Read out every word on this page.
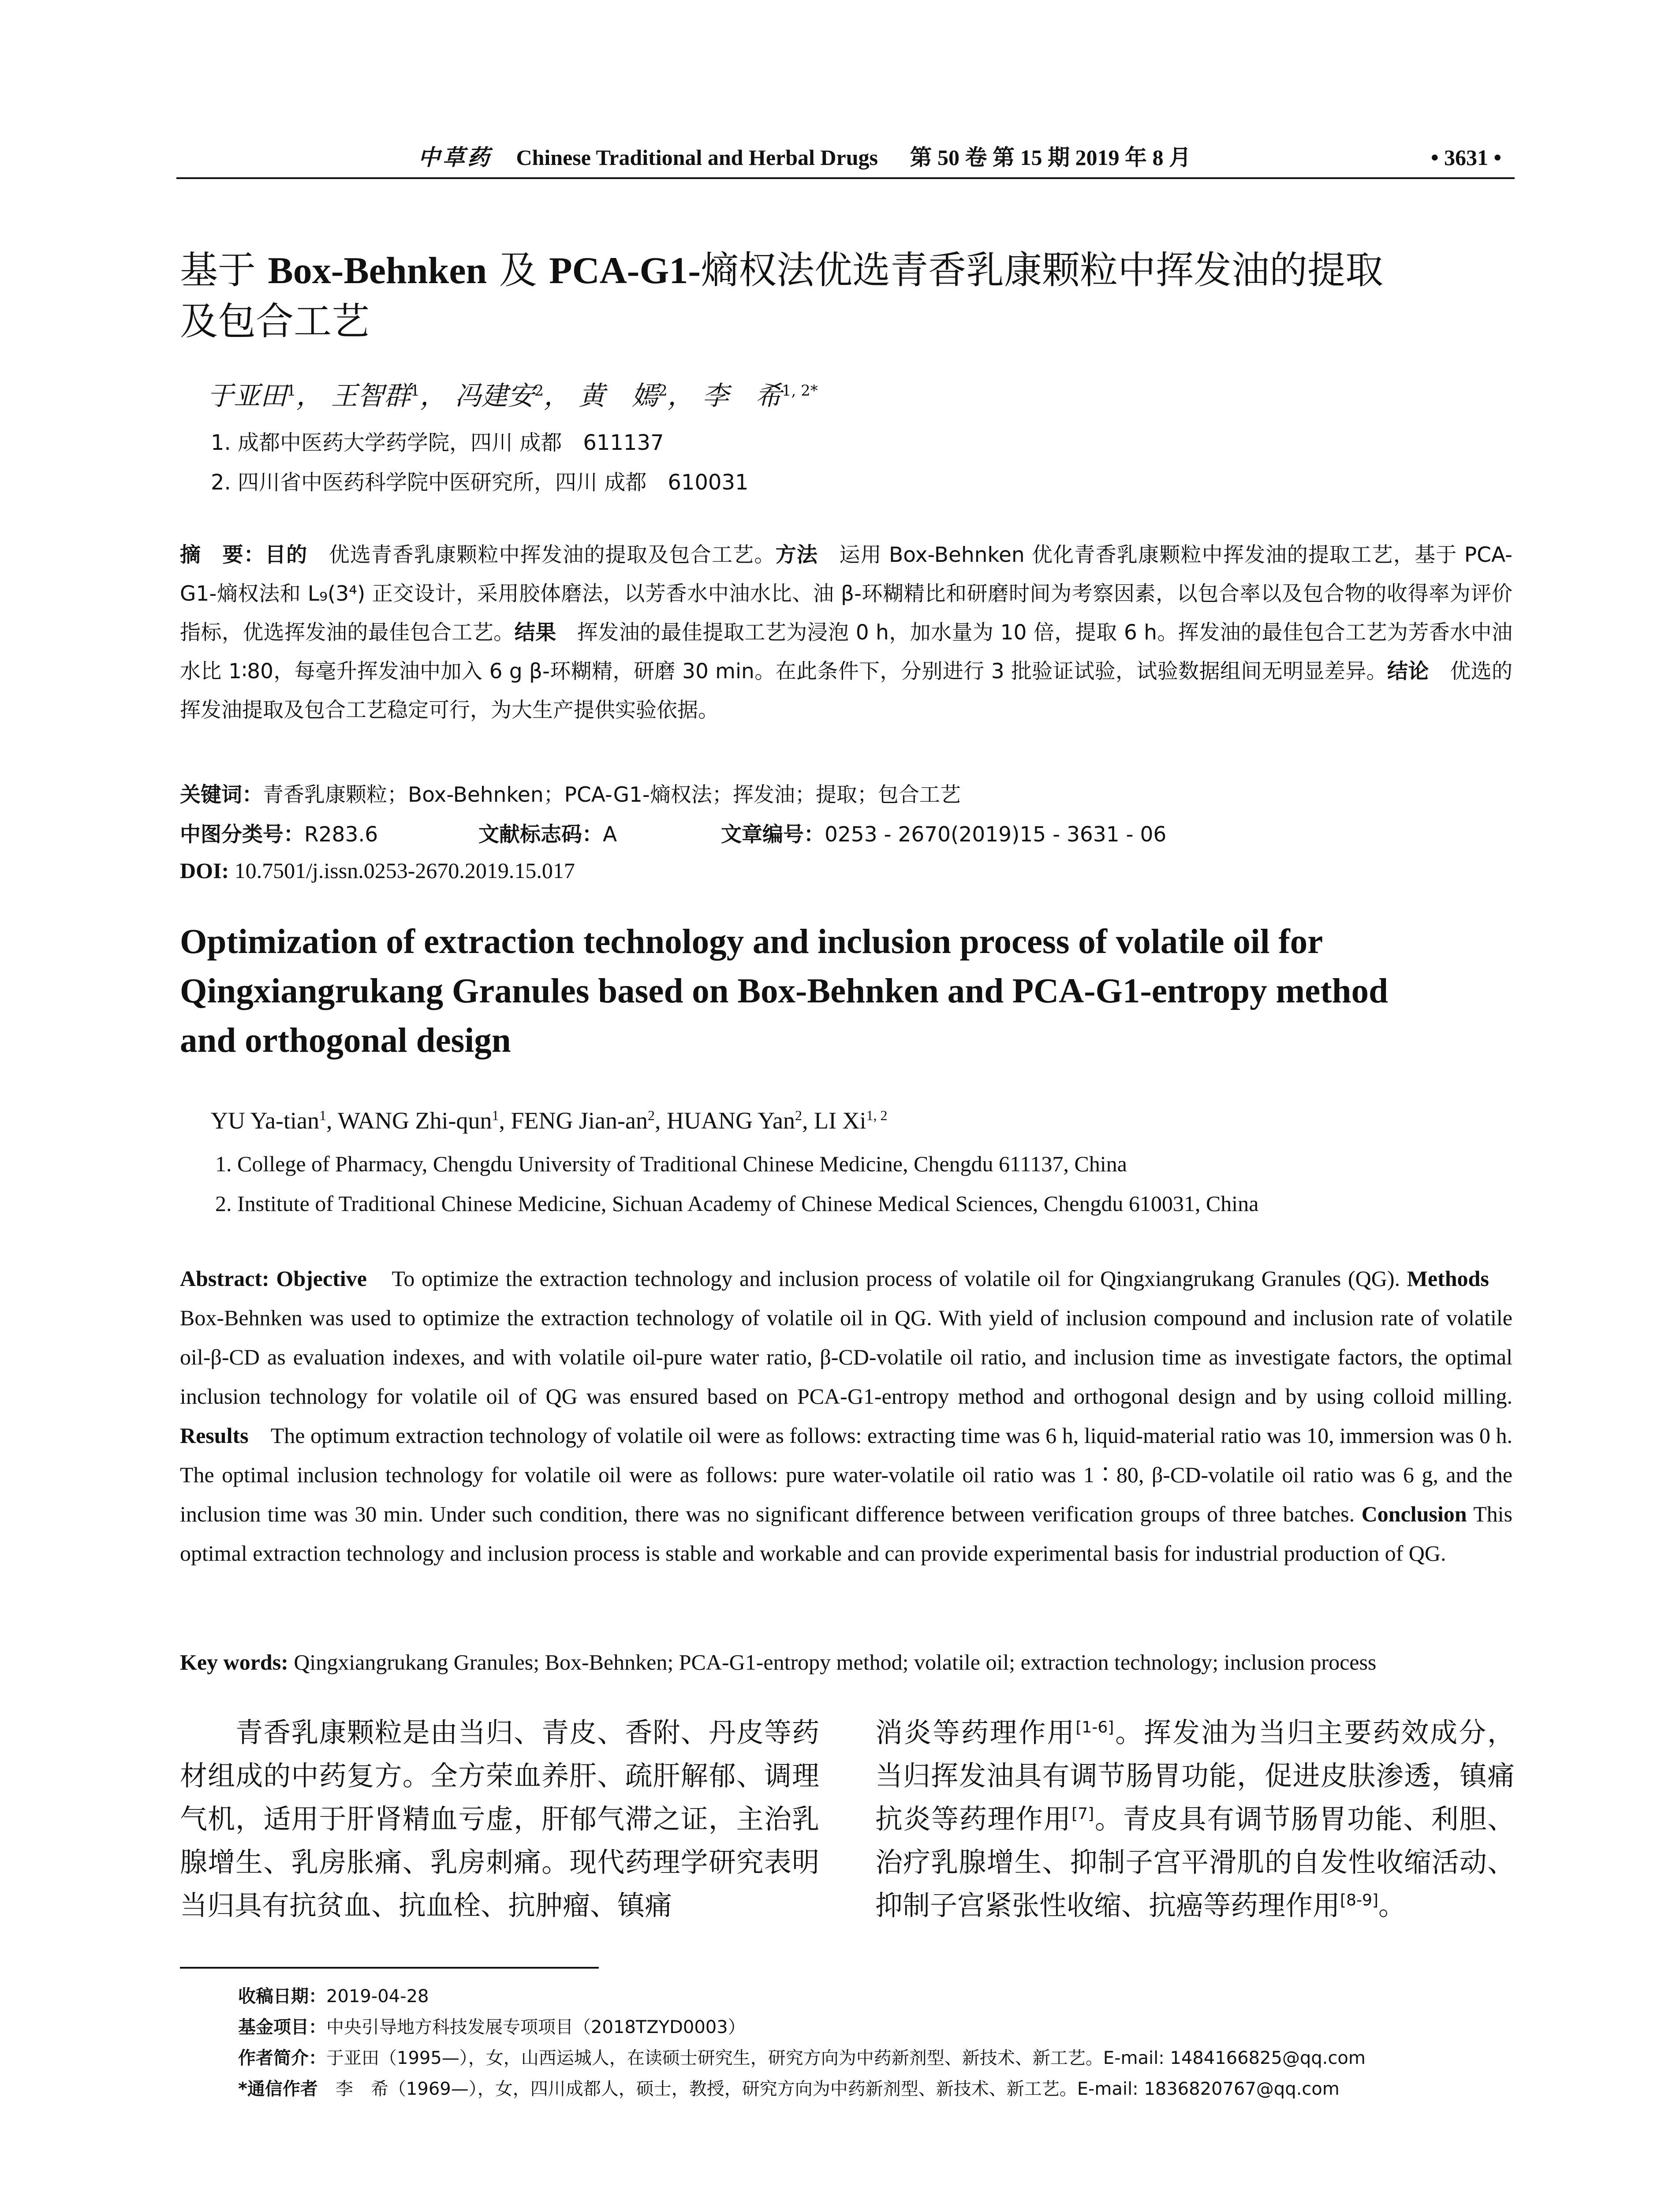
中草药 Chinese Traditional and Herbal Drugs 第 50 卷 第 15 期 2019 年 8 月	• 3631 •
基于 Box-Behnken 及 PCA-G1-熵权法优选青香乳康颗粒中挥发油的提取
及包合工艺
于亚田$^1$， 王智群$^1$， 冯建安$^2$， 黄　嫣$^2$， 李　希$^{1, 2*}$
1. 成都中医药大学药学院，四川 成都　611137
2. 四川省中医药科学院中医研究所，四川 成都　610031
摘　要：目的　优选青香乳康颗粒中挥发油的提取及包合工艺。方法　运用 Box-Behnken 优化青香乳康颗粒中挥发油的提取工艺，基于 PCA-G1-熵权法和 L₉(3⁴) 正交设计，采用胶体磨法，以芳香水中油水比、油 β-环糊精比和研磨时间为考察因素，以包合率以及包合物的收得率为评价指标，优选挥发油的最佳包合工艺。结果　挥发油的最佳提取工艺为浸泡 0 h，加水量为 10 倍，提取 6 h。挥发油的最佳包合工艺为芳香水中油水比 1∶80，每毫升挥发油中加入 6 g β-环糊精，研磨 30 min。在此条件下，分别进行 3 批验证试验，试验数据组间无明显差异。结论　优选的挥发油提取及包合工艺稳定可行，为大生产提供实验依据。
关键词：青香乳康颗粒；Box-Behnken；PCA-G1-熵权法；挥发油；提取；包合工艺
中图分类号：R283.6	文献标志码：A	文章编号：0253 - 2670(2019)15 - 3631 - 06
DOI: 10.7501/j.issn.0253-2670.2019.15.017
Optimization of extraction technology and inclusion process of volatile oil for
Qingxiangrukang Granules based on Box-Behnken and PCA-G1-entropy method
and orthogonal design
YU Ya-tian$^1$, WANG Zhi-qun$^1$, FENG Jian-$an^2$, HUANG Yan$^2$, LI Xi$^{1, 2}$
1. College of Pharmacy, Chengdu University of Traditional Chinese Medicine, Chengdu 611137, China
2. Institute of Traditional Chinese Medicine, Sichuan Academy of Chinese Medical Sciences, Chengdu 610031, China
Abstract: Objective　To optimize the extraction technology and inclusion process of volatile oil for Qingxiangrukang Granules (QG). Methods　Box-Behnken was used to optimize the extraction technology of volatile oil in QG. With yield of inclusion compound and inclusion rate of volatile oil-β-CD as evaluation indexes, and with volatile oil-pure water ratio, β-CD-volatile oil ratio, and inclusion time as investigate factors, the optimal inclusion technology for volatile oil of QG was ensured based on PCA-G1-entropy method and orthogonal design and by using colloid milling. Results　The optimum extraction technology of volatile oil were as follows: extracting time was 6 h, liquid-material ratio was 10, immersion was 0 h. The optimal inclusion technology for volatile oil were as follows: pure water-volatile oil ratio was 1∶80, β-CD-volatile oil ratio was 6 g, and the inclusion time was 30 min. Under such condition, there was no significant difference between verification groups of three batches. Conclusion This optimal extraction technology and inclusion process is stable and workable and can provide experimental basis for industrial production of QG.
Key words: Qingxiangrukang Granules; Box-Behnken; PCA-G1-entropy method; volatile oil; extraction technology; inclusion process
　　青香乳康颗粒是由当归、青皮、香附、丹皮等药材组成的中药复方。全方荣血养肝、疏肝解郁、调理气机，适用于肝肾精血亏虚，肝郁气滞之证，主治乳腺增生、乳房胀痛、乳房刺痛。现代药理学研究表明当归具有抗贫血、抗血栓、抗肿瘤、镇痛
消炎等药理作用[1-6]。挥发油为当归主要药效成分，当归挥发油具有调节肠胃功能，促进皮肤渗透，镇痛抗炎等药理作用[7]。青皮具有调节肠胃功能、利胆、治疗乳腺增生、抑制子宫平滑肌的自发性收缩活动、抑制子宫紧张性收缩、抗癌等药理作用[8-9]。
收稿日期：2019-04-28
基金项目：中央引导地方科技发展专项项目（2018TZYD0003）
作者简介：于亚田（1995—），女，山西运城人，在读硕士研究生，研究方向为中药新剂型、新技术、新工艺。E-mail: 1484166825@qq.com
*通信作者　李　希（1969—），女，四川成都人，硕士，教授，研究方向为中药新剂型、新技术、新工艺。E-mail: 1836820767@qq.com
